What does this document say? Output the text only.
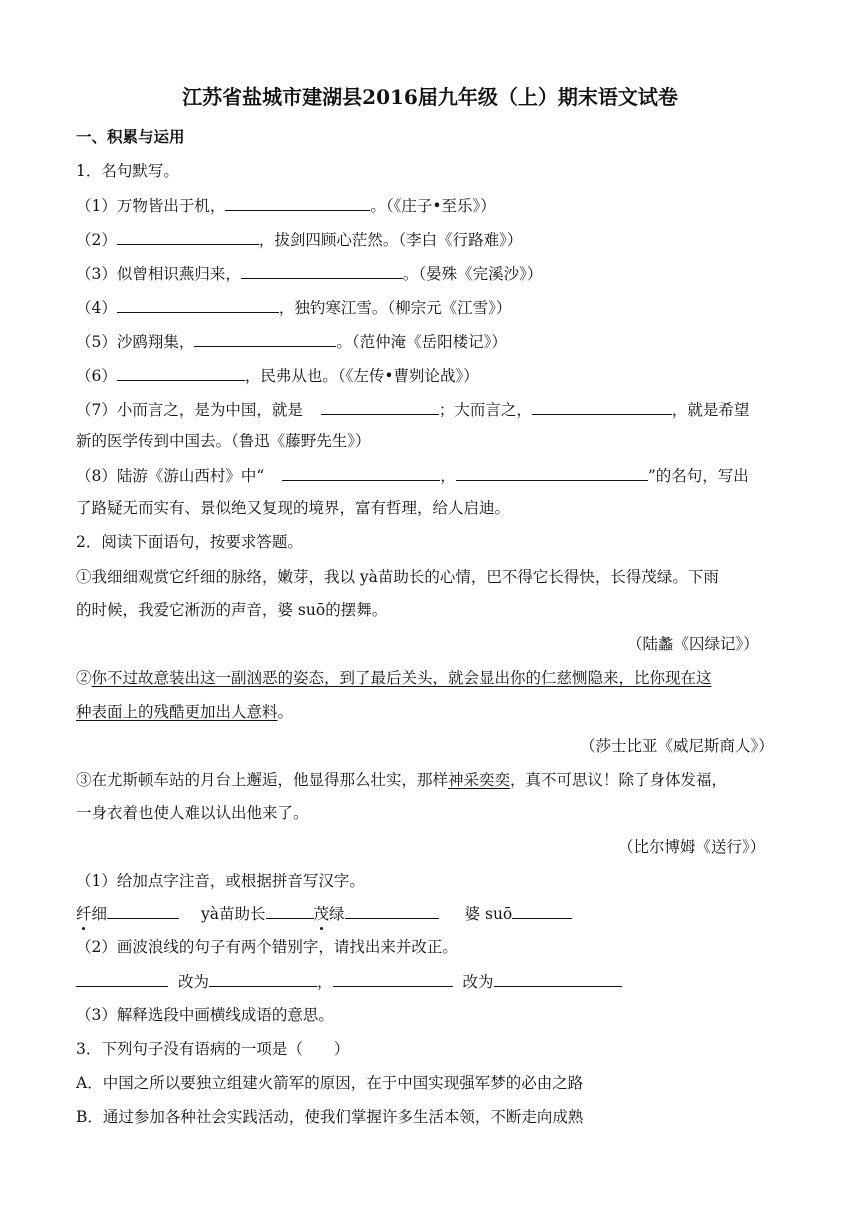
江苏省盐城市建湖县2016届九年级（上）期末语文试卷
一、积累与运用
1．名句默写。
（1）万物皆出于机，	。（《庄子•至乐》）
（2）	，拔剑四顾心茫然。（李白《行路难》）
（3）似曾相识燕归来，	。（晏殊《完溪沙》）
（4）	，独钓寒江雪。（柳宗元《江雪》）
（5）沙鸥翔集，	。（范仲淹《岳阳楼记》）
（6）	，民弗从也。（《左传•曹刿论战》）
（7）小而言之，是为中国，就是	；大而言之，	，就是希望
新的医学传到中国去。（鲁迅《藤野先生》）
（8）陆游《游山西村》中“	，	”的名句，写出
了路疑无而实有、景似绝又复现的境界，富有哲理，给人启迪。
2．阅读下面语句，按要求答题。
①我细细观赏它纤细的脉络，嫩芽，我以 yà苗助长的心情，巴不得它长得快，长得茂绿。下雨
的时候，我爱它淅沥的声音，婆 suō的摆舞。
（陆蠡《囚绿记》）
②你不过故意装出这一副汹恶的姿态，到了最后关头，就会显出你的仁慈恻隐来，比你现在这
种表面上的残酷更加出人意料。
（莎士比亚《威尼斯商人》）
③在尤斯顿车站的月台上邂逅，他显得那么壮实，那样神采奕奕，真不可思议！除了身体发福，
一身衣着也使人难以认出他来了。
（比尔博姆《送行》）
（1）给加点字注音，或根据拼音写汉字。
纤细	yà苗助长	茂绿	婆 suō
（2）画波浪线的句子有两个错别字，请找出来并改正。
改为	，	改为
（3）解释选段中画横线成语的意思。
3．下列句子没有语病的一项是（　　）
A．中国之所以要独立组建火箭军的原因，在于中国实现强军梦的必由之路
B．通过参加各种社会实践活动，使我们掌握许多生活本领，不断走向成熟
